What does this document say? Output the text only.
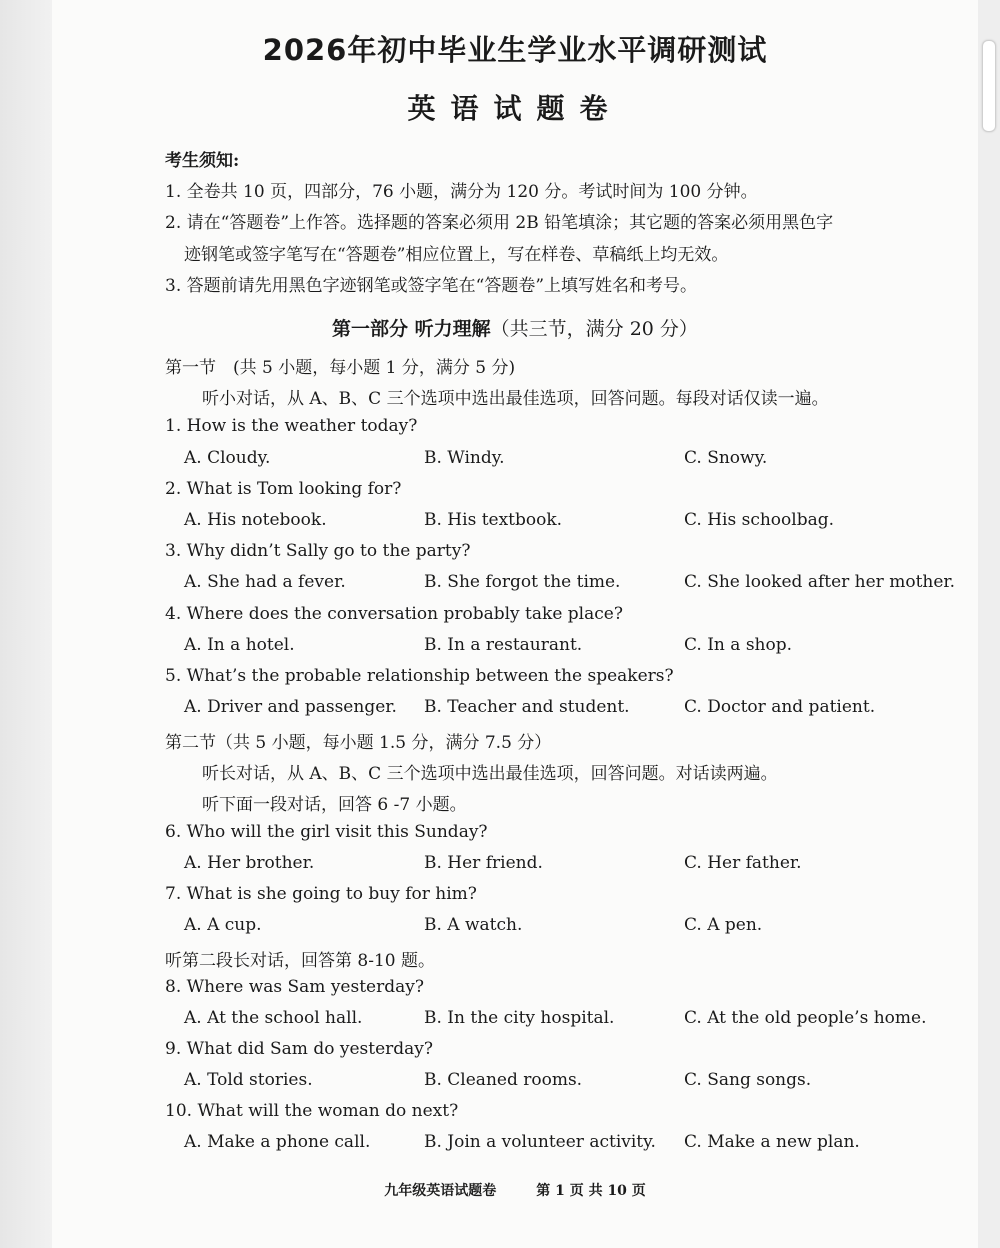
2026年初中毕业生学业水平调研测试
英语试题卷
考生须知:
1. 全卷共 10 页，四部分，76 小题，满分为 120 分。考试时间为 100 分钟。
2. 请在“答题卷”上作答。选择题的答案必须用 2B 铅笔填涂；其它题的答案必须用黑色字
迹钢笔或签字笔写在“答题卷”相应位置上，写在样卷、草稿纸上均无效。
3. 答题前请先用黑色字迹钢笔或签字笔在“答题卷”上填写姓名和考号。
第一部分 听力理解（共三节，满分 20 分）
第一节　(共 5 小题，每小题 1 分，满分 5 分)
听小对话，从 A、B、C 三个选项中选出最佳选项，回答问题。每段对话仅读一遍。
1. How is the weather today?
A. Cloudy.	B. Windy.	C. Snowy.
2. What is Tom looking for?
A. His notebook.	B. His textbook.	C. His schoolbag.
3. Why didn’t Sally go to the party?
A. She had a fever.	B. She forgot the time.	C. She looked after her mother.
4. Where does the conversation probably take place?
A. In a hotel.	B. In a restaurant.	C. In a shop.
5. What’s the probable relationship between the speakers?
A. Driver and passenger. B. Teacher and student.	C. Doctor and patient.
第二节（共 5 小题，每小题 1.5 分，满分 7.5 分）
听长对话，从 A、B、C 三个选项中选出最佳选项，回答问题。对话读两遍。
听下面一段对话，回答 6 -7 小题。
6. Who will the girl visit this Sunday?
A. Her brother.	B. Her friend.	C. Her father.
7. What is she going to buy for him?
A. A cup.	B. A watch.	C. A pen.
听第二段长对话，回答第 8-10 题。
8. Where was Sam yesterday?
A. At the school hall.	B. In the city hospital.	C. At the old people’s home.
9. What did Sam do yesterday?
A. Told stories.	B. Cleaned rooms.	C. Sang songs.
10. What will the woman do next?
A. Make a phone call.	B. Join a volunteer activity. C. Make a new plan.
九年级英语试题卷	第 1 页 共 10 页
